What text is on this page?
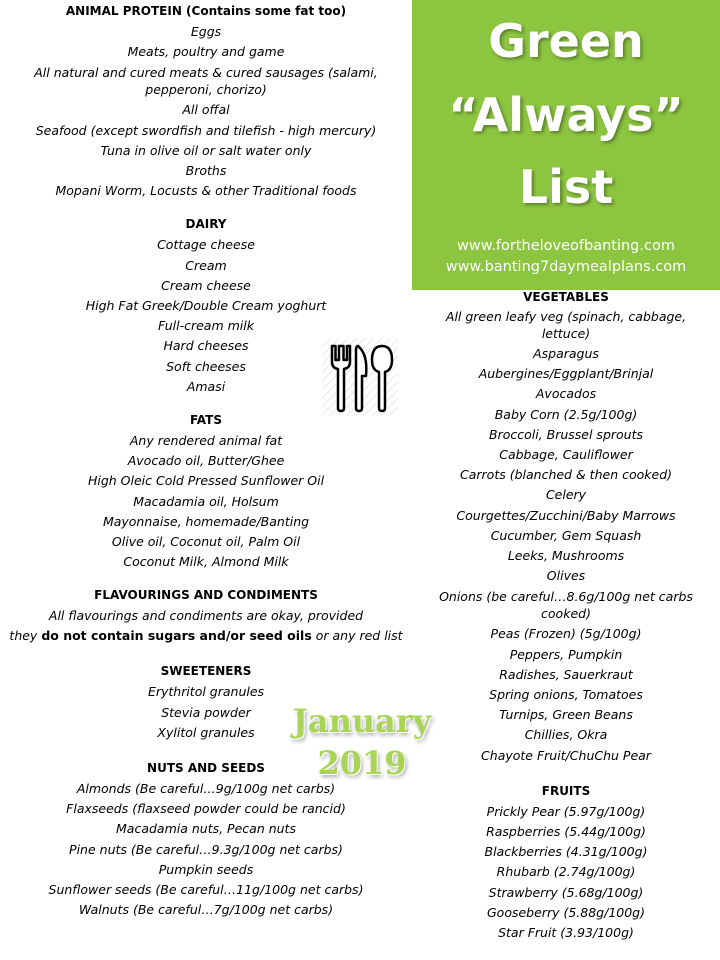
ANIMAL PROTEIN (Contains some fat too)
Eggs
Meats, poultry and game
All natural and cured meats & cured sausages (salami, pepperoni, chorizo)
All offal
Seafood (except swordfish and tilefish - high mercury)
Tuna in olive oil or salt water only
Broths
Mopani Worm, Locusts & other Traditional foods
DAIRY
Cottage cheese
Cream
Cream cheese
High Fat Greek/Double Cream yoghurt
Full-cream milk
Hard cheeses
Soft cheeses
Amasi
FATS
Any rendered animal fat
Avocado oil, Butter/Ghee
High Oleic Cold Pressed Sunflower Oil
Macadamia oil, Holsum
Mayonnaise, homemade/Banting
Olive oil, Coconut oil, Palm Oil
Coconut Milk, Almond Milk
FLAVOURINGS AND CONDIMENTS
All flavourings and condiments are okay, provided
they do not contain sugars and/or seed oils or any red list
SWEETENERS
Erythritol granules
Stevia powder
Xylitol granules
NUTS AND SEEDS
Almonds (Be careful…9g/100g net carbs)
Flaxseeds (flaxseed powder could be rancid)
Macadamia nuts, Pecan nuts
Pine nuts (Be careful…9.3g/100g net carbs)
Pumpkin seeds
Sunflower seeds (Be careful…11g/100g net carbs)
Walnuts (Be careful…7g/100g net carbs)
Green
“Always”
List
www.fortheloveofbanting.com
www.banting7daymealplans.com
January
2019
VEGETABLES
All green leafy veg (spinach, cabbage, lettuce)
Asparagus
Aubergines/Eggplant/Brinjal
Avocados
Baby Corn (2.5g/100g)
Broccoli, Brussel sprouts
Cabbage, Cauliflower
Carrots (blanched & then cooked)
Celery
Courgettes/Zucchini/Baby Marrows
Cucumber, Gem Squash
Leeks, Mushrooms
Olives
Onions (be careful…8.6g/100g net carbs cooked)
Peas (Frozen) (5g/100g)
Peppers, Pumpkin
Radishes, Sauerkraut
Spring onions, Tomatoes
Turnips, Green Beans
Chillies, Okra
Chayote Fruit/ChuChu Pear
FRUITS
Prickly Pear (5.97g/100g)
Raspberries (5.44g/100g)
Blackberries (4.31g/100g)
Rhubarb (2.74g/100g)
Strawberry (5.68g/100g)
Gooseberry (5.88g/100g)
Star Fruit (3.93/100g)
